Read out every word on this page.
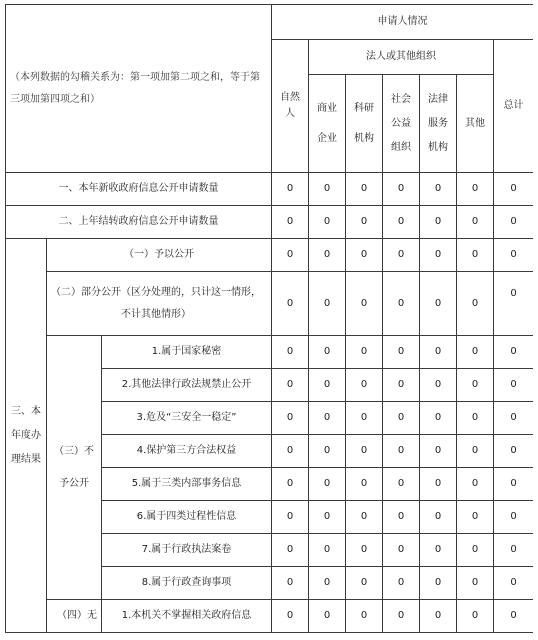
（本列数据的勾稽关系为：第一项加第二项之和，等于第三项加第四项之和）			申请人情况						

			自然人	法人或其他组织					总计

				商业企业	科研机构	社会公益组织	法律服务机构	其他	
一、本年新收政府信息公开申请数量			0	0	0	0	0	0	0
二、上年结转政府信息公开申请数量			0	0	0	0	0	0	0

三、本年度办理结果	（一）予以公开		0	0	0	0	0	0	0

	（二）部分公开（区分处理的，只计这一情形，不计其他情形）		0	0	0	0	0	0	0

	（三）不予公开	1.属于国家秘密	0	0	0	0	0	0	0
		2.其他法律行政法规禁止公开	0	0	0	0	0	0	0
		3.危及“三安全一稳定”	0	0	0	0	0	0	0
		4.保护第三方合法权益	0	0	0	0	0	0	0
		5.属于三类内部事务信息	0	0	0	0	0	0	0
		6.属于四类过程性信息	0	0	0	0	0	0	0
		7.属于行政执法案卷	0	0	0	0	0	0	0
		8.属于行政查询事项	0	0	0	0	0	0	0

	（四）无	1.本机关不掌握相关政府信息	0	0	0	0	0	0	0
